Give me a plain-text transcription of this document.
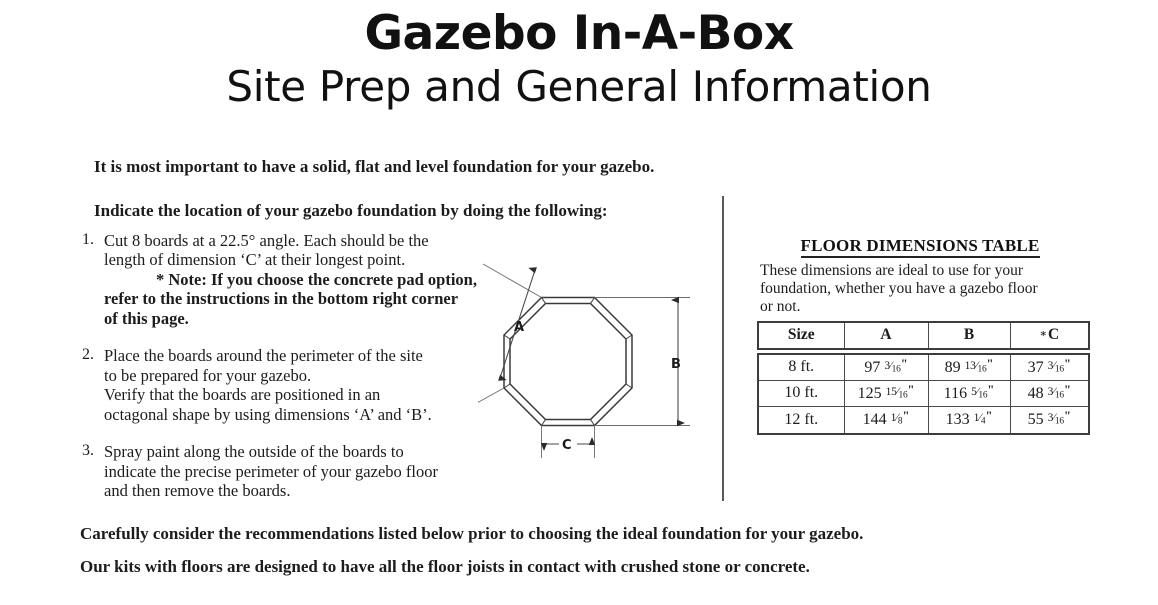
Gazebo In-A-Box
Site Prep and General Information
It is most important to have a solid, flat and level foundation for your gazebo.
Indicate the location of your gazebo foundation by doing the following:
1. Cut 8 boards at a 22.5° angle. Each should be the
length of dimension ‘C’ at their longest point.
* Note: If you choose the concrete pad option,
refer to the instructions in the bottom right corner
of this page.
2. Place the boards around the perimeter of the site
to be prepared for your gazebo.
Verify that the boards are positioned in an
octagonal shape by using dimensions ‘A’ and ‘B’.
3. Spray paint along the outside of the boards to
indicate the precise perimeter of your gazebo floor
and then remove the boards.
A
B
C
FLOOR DIMENSIONS TABLE
These dimensions are ideal to use for your
foundation, whether you have a gazebo floor
or not.
Size	A	B	∗C
8 ft.	97 $3⁄_{16}^"$	89 $13⁄_{16}^"$	37 $3⁄_{16}^"$
10 ft.	125 $15⁄_{16}^"$	116 $5⁄_{16}^"$	48 $3⁄_{16}^"$
12 ft.	144 $1⁄_8^"$	133 $1⁄_4^"$	55 $3⁄_{16}^"$
Carefully consider the recommendations listed below prior to choosing the ideal foundation for your gazebo.
Our kits with floors are designed to have all the floor joists in contact with crushed stone or concrete.
